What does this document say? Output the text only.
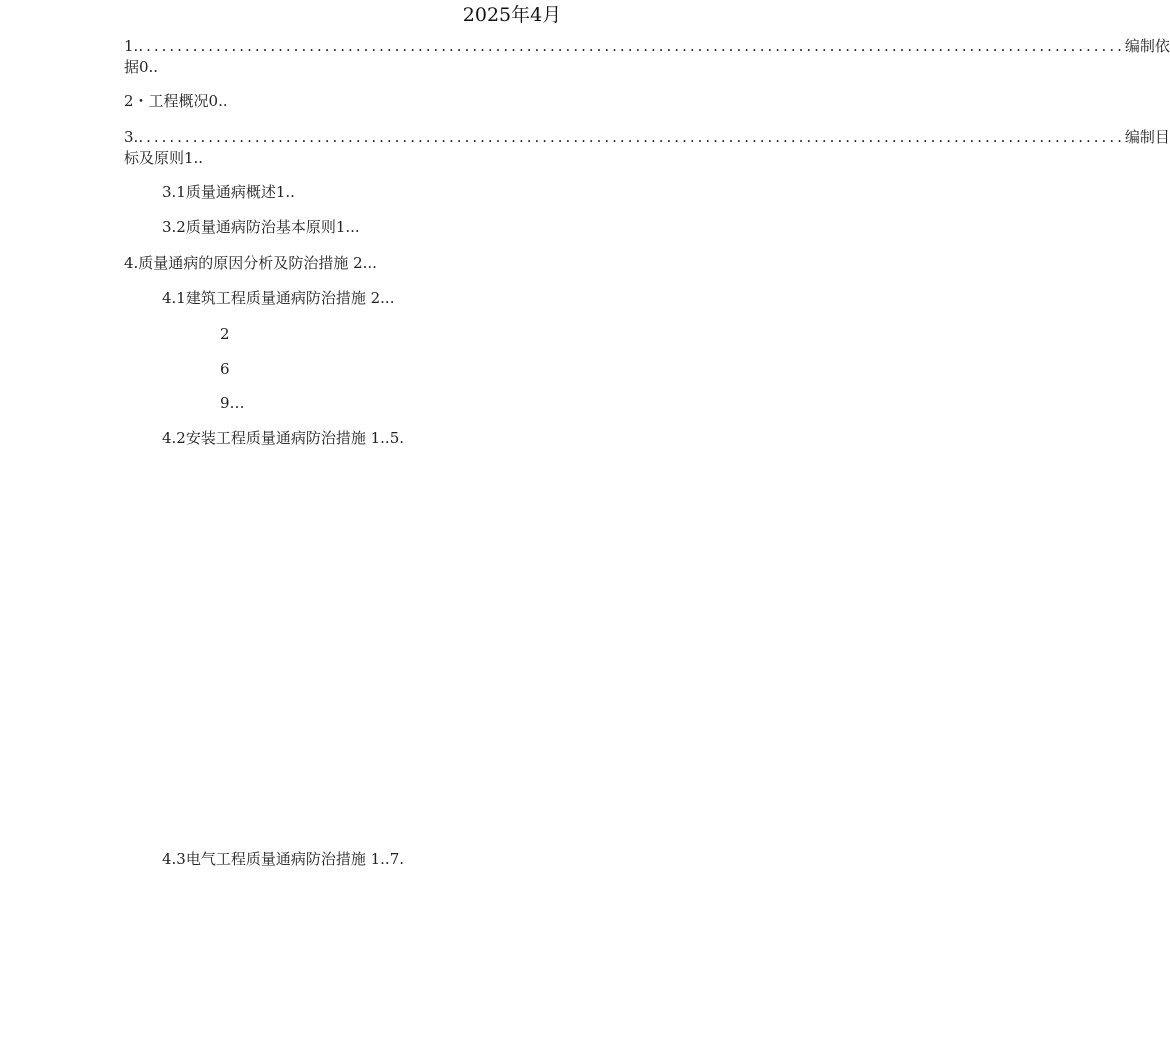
2025年4月
1. ............................................................................................................................... 编制依
据0..
2・工程概况0..
3. ............................................................................................................................... 编制目
标及原则1..
3.1质量通病概述1..
3.2质量通病防治基本原则1...
4.质量通病的原因分析及防治措施 2...
4.1建筑工程质量通病防治措施 2...
2
6
9…
4.2安装工程质量通病防治措施 1..5.
4.3电气工程质量通病防治措施 1..7.
